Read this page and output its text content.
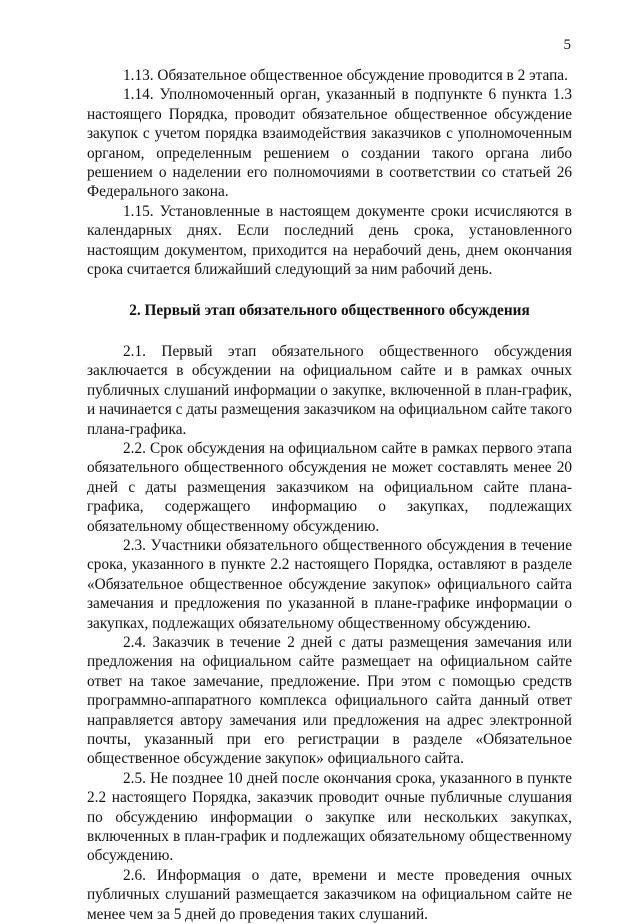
5

1.13. Обязательное общественное обсуждение проводится в 2 этапа.

1.14. Уполномоченный орган, указанный в подпункте 6 пункта 1.3 настоящего Порядка, проводит обязательное общественное обсуждение закупок с учетом порядка взаимодействия заказчиков с уполномоченным органом, определенным решением о создании такого органа либо решением о наделении его полномочиями в соответствии со статьей 26 Федерального закона.

1.15. Установленные в настоящем документе сроки исчисляются в календарных днях. Если последний день срока, установленного настоящим документом, приходится на нерабочий день, днем окончания срока считается ближайший следующий за ним рабочий день.

2. Первый этап обязательного общественного обсуждения

2.1. Первый этап обязательного общественного обсуждения заключается в обсуждении на официальном сайте и в рамках очных публичных слушаний информации о закупке, включенной в план-график, и начинается с даты размещения заказчиком на официальном сайте такого плана-графика.

2.2. Срок обсуждения на официальном сайте в рамках первого этапа обязательного общественного обсуждения не может составлять менее 20 дней с даты размещения заказчиком на официальном сайте плана-графика, содержащего информацию о закупках, подлежащих обязательному общественному обсуждению.

2.3. Участники обязательного общественного обсуждения в течение срока, указанного в пункте 2.2 настоящего Порядка, оставляют в разделе «Обязательное общественное обсуждение закупок» официального сайта замечания и предложения по указанной в плане-графике информации о закупках, подлежащих обязательному общественному обсуждению.

2.4. Заказчик в течение 2 дней с даты размещения замечания или предложения на официальном сайте размещает на официальном сайте ответ на такое замечание, предложение. При этом с помощью средств программно-аппаратного комплекса официального сайта данный ответ направляется автору замечания или предложения на адрес электронной почты, указанный при его регистрации в разделе «Обязательное общественное обсуждение закупок» официального сайта.

2.5. Не позднее 10 дней после окончания срока, указанного в пункте 2.2 настоящего Порядка, заказчик проводит очные публичные слушания по обсуждению информации о закупке или нескольких закупках, включенных в план-график и подлежащих обязательному общественному обсуждению.

2.6. Информация о дате, времени и месте проведения очных публичных слушаний размещается заказчиком на официальном сайте не менее чем за 5 дней до проведения таких слушаний.
